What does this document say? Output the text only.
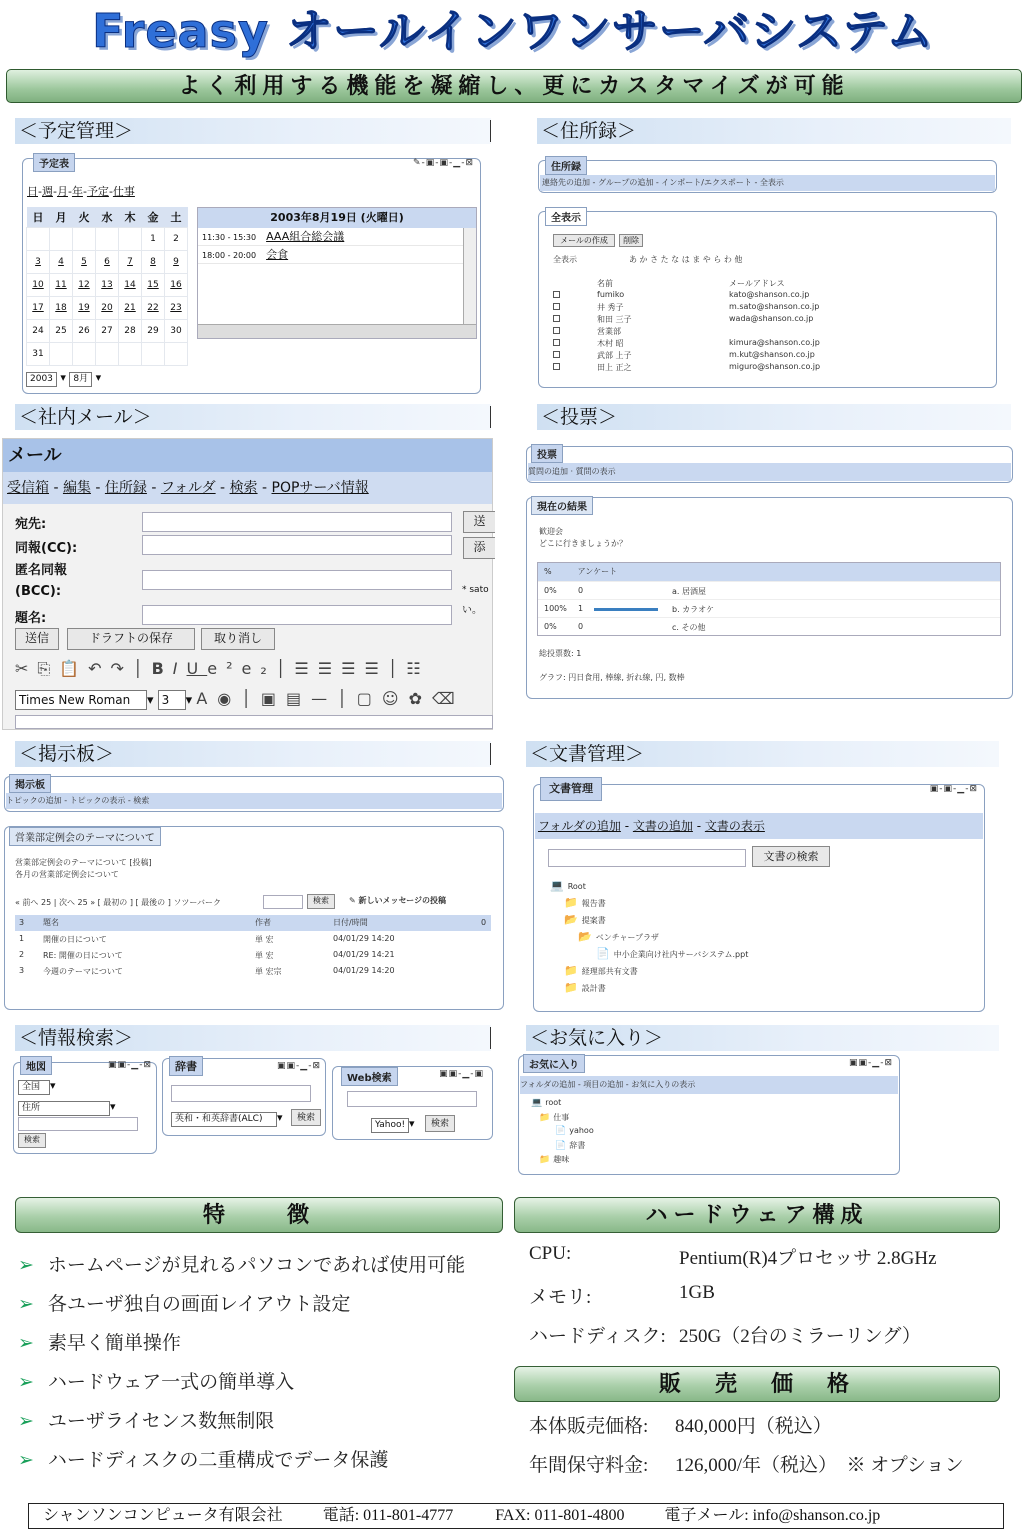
Freasy オールインワンサーバシステム
よく利用する機能を凝縮し、更にカスタマイズが可能
＜予定管理＞
予定表	✎-▣-▣-▁-⊠
日-週-月-年-予定-仕事
日	月	火	水	木	金	土
					1	2
3	4	5	6	7	8	9
10	11	12	13	14	15	16
17	18	19	20	21	22	23
24	25	26	27	28	29	30
31						
2003 ▾ 8月 ▾
2003年8月19日 (火曜日)
11:30 - 15:30 AAA組合総会議
18:00 - 20:00 会食
＜住所録＞
住所録
連絡先の追加 - グループの追加 - インポート/エクスポート - 全表示
全表示
メールの作成	削除
全表示	あ か さ た な は ま や ら わ 他
名前	メールアドレス
fumiko	kato@shanson.co.jp
井 秀子	m.sato@shanson.co.jp
和田 三子	wada@shanson.co.jp
営業部
木村 昭	kimura@shanson.co.jp
武部 上子	m.kut@shanson.co.jp
田上 正之	miguro@shanson.co.jp
＜社内メール＞
メール
受信箱 - 編集 - 住所録 - フォルダ - 検索 - POPサーバ情報
宛先:
同報(CC):
匿名同報
(BCC):
題名:
送
添
* sato
い。
送信	ドラフトの保存	取り消し
✂⎘📋↶↷│BIUe²e₂│☰☰☰☰│☷
Times New Roman ▾ 3 ▾ A◉│▣▤—│▢☺✿⌫
＜投票＞
投票
質問の追加 · 質問の表示
現在の結果
歓迎会
どこに行きましょうか？
%	アンケート
0%	0	a. 居酒屋
100% 1	b. カラオケ
0%	0	c. その他
総投票数: 1
グラフ: 円日食用, 棒線, 折れ線, 円, 数棒
＜掲示板＞
掲示板
トピックの追加 - トピックの表示 - 検索
営業部定例会のテーマについて
営業部定例会のテーマについて [投稿]
各月の営業部定例会について
« 前へ 25 | 次へ 25 » [ 最初の ] [ 最後の ] ソツーバーク	検索	✎ 新しいメッセージの投稿
3 題名	作者	日付/時間	0
1 開催の日について	単 宏	04/01/29 14:20
2 RE: 開催の日について	単 宏	04/01/29 14:21
3 今週のテーマについて	単 宏宗	04/01/29 14:20
＜文書管理＞
文書管理	▣-▣-▁-⊠
フォルダの追加 - 文書の追加 - 文書の表示
文書の検索
💻 Root
📁 報告書
📂 提案書
📂 ベンチャープラザ
📄 中小企業向け社内サーバシステム.ppt
📁 経理部共有文書
📁 設計書
＜情報検索＞
地図	▣▣-▁-⊠
全国 ▾
住所	▾
検索
辞書	▣▣-▁-⊠
英和・和英辞書(ALC) ▾	検索
Web検索	▣▣-▁-▣
Yahoo! ▾	検索
＜お気に入り＞
お気に入り	▣▣-▁-⊠
フォルダの追加 - 項目の追加 - お気に入りの表示
💻 root
📁 仕事
📄 yahoo
📄 辞書
📁 趣味
特　　徴
➢ ホームページが見れるパソコンであれば使用可能
➢ 各ユーザ独自の画面レイアウト設定
➢ 素早く簡単操作
➢ ハードウェア一式の簡単導入
➢ ユーザライセンス数無制限
➢ ハードディスクの二重構成でデータ保護
ハードウェア構成
CPU:	Pentium(R)4プロセッサ 2.8GHz
メモリ:	1GB
ハードディスク: 250G（2台のミラーリング）
販　売　価　格
本体販売価格: 840,000円（税込）
年間保守料金: 126,000/年（税込）　※ オプション
シャンソンコンピュータ有限会社	電話: 011-801-4777	FAX: 011-801-4800	電子メール: info@shanson.co.jp
